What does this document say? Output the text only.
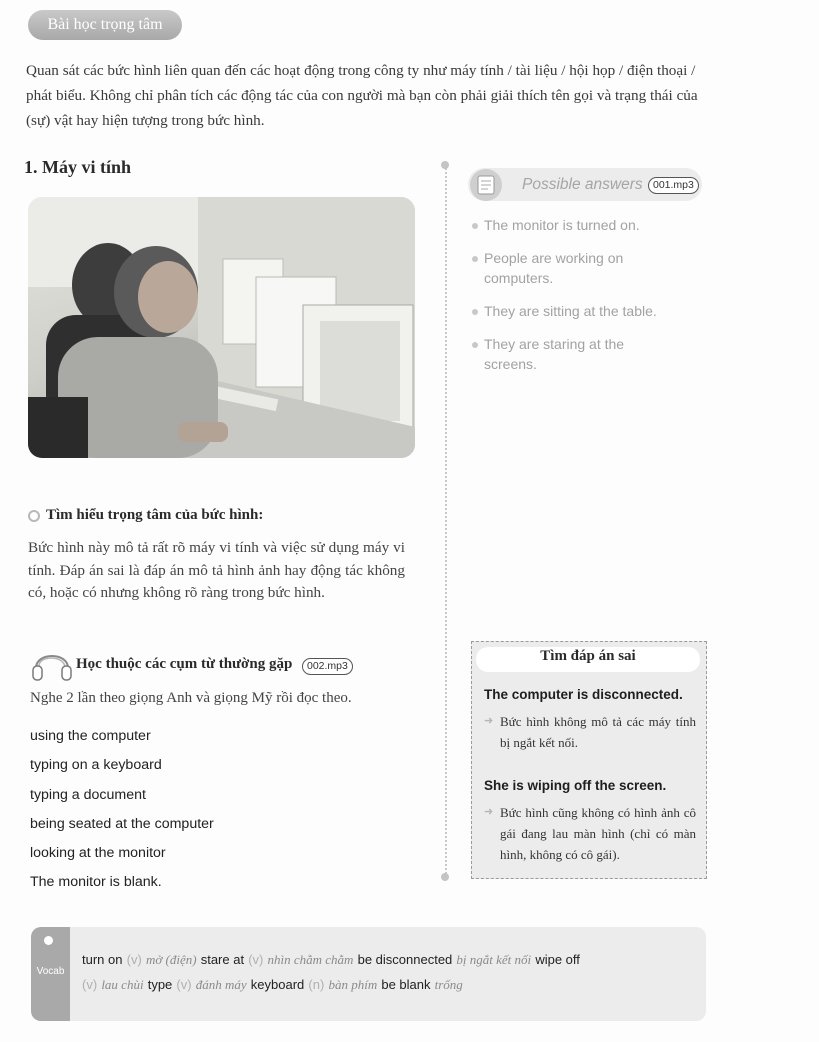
Bài học trọng tâm
Quan sát các bức hình liên quan đến các hoạt động trong công ty như máy tính / tài liệu / hội họp / điện thoại / phát biểu. Không chỉ phân tích các động tác của con người mà bạn còn phải giải thích tên gọi và trạng thái của (sự) vật hay hiện tượng trong bức hình.
1. Máy vi tính
Possible answers 001.mp3
The monitor is turned on.
People are working on computers.
They are sitting at the table.
They are staring at the screens.
Tìm hiểu trọng tâm của bức hình:
Bức hình này mô tả rất rõ máy vi tính và việc sử dụng máy vi tính. Đáp án sai là đáp án mô tả hình ảnh hay động tác không có, hoặc có nhưng không rõ ràng trong bức hình.
Học thuộc các cụm từ thường gặp	002.mp3
Nghe 2 lần theo giọng Anh và giọng Mỹ rồi đọc theo.
using the computer
typing on a keyboard
typing a document
being seated at the computer
looking at the monitor
The monitor is blank.
Tìm đáp án sai
The computer is disconnected.
➜ Bức hình không mô tả các máy tính bị ngắt kết nối.
She is wiping off the screen.
➜ Bức hình cũng không có hình ảnh cô gái đang lau màn hình (chỉ có màn hình, không có cô gái).
Vocab
turn on (v) mở (điện) stare at (v) nhìn chằm chằm be disconnected bị ngắt kết nối wipe off
(v) lau chùi type (v) đánh máy keyboard (n) bàn phím be blank trống
